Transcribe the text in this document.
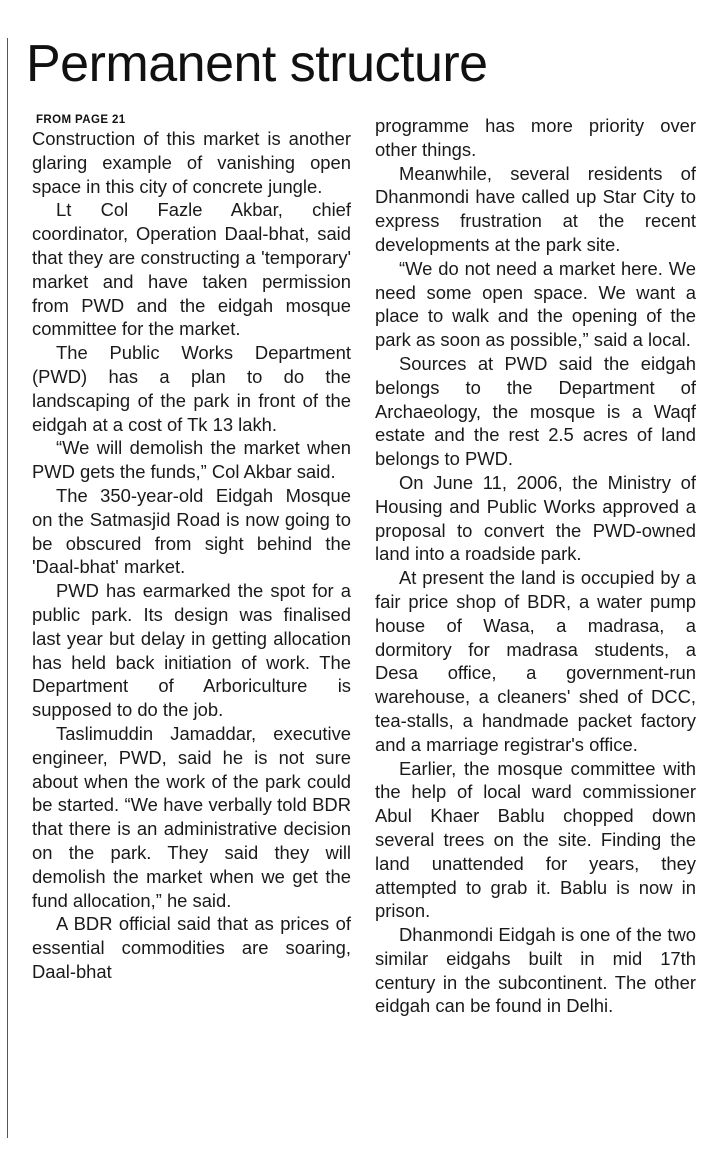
Permanent structure
FROM PAGE 21

Construction of this market is another glaring example of vanishing open space in this city of concrete jungle.

Lt Col Fazle Akbar, chief coordinator, Operation Daal-bhat, said that they are constructing a 'temporary' market and have taken permission from PWD and the eidgah mosque committee for the market.

The Public Works Department (PWD) has a plan to do the landscaping of the park in front of the eidgah at a cost of Tk 13 lakh.

“We will demolish the market when PWD gets the funds,” Col Akbar said.

The 350-year-old Eidgah Mosque on the Satmasjid Road is now going to be obscured from sight behind the 'Daal-bhat' market.

PWD has earmarked the spot for a public park. Its design was finalised last year but delay in getting allocation has held back initiation of work. The Department of Arboriculture is supposed to do the job.

Taslimuddin Jamaddar, executive engineer, PWD, said he is not sure about when the work of the park could be started. “We have verbally told BDR that there is an administrative decision on the park. They said they will demolish the market when we get the fund allocation,” he said.

A BDR official said that as prices of essential commodities are soaring, Daal-bhat

programme has more priority over other things.

Meanwhile, several residents of Dhanmondi have called up Star City to express frustration at the recent developments at the park site.

“We do not need a market here. We need some open space. We want a place to walk and the opening of the park as soon as possible,” said a local.

Sources at PWD said the eidgah belongs to the Department of Archaeology, the mosque is a Waqf estate and the rest 2.5 acres of land belongs to PWD.

On June 11, 2006, the Ministry of Housing and Public Works approved a proposal to convert the PWD-owned land into a roadside park.

At present the land is occupied by a fair price shop of BDR, a water pump house of Wasa, a madrasa, a dormitory for madrasa students, a Desa office, a government-run warehouse, a cleaners' shed of DCC, tea-stalls, a handmade packet factory and a marriage registrar's office.

Earlier, the mosque committee with the help of local ward commissioner Abul Khaer Bablu chopped down several trees on the site. Finding the land unattended for years, they attempted to grab it. Bablu is now in prison.

Dhanmondi Eidgah is one of the two similar eidgahs built in mid 17th century in the subcontinent. The other eidgah can be found in Delhi.
